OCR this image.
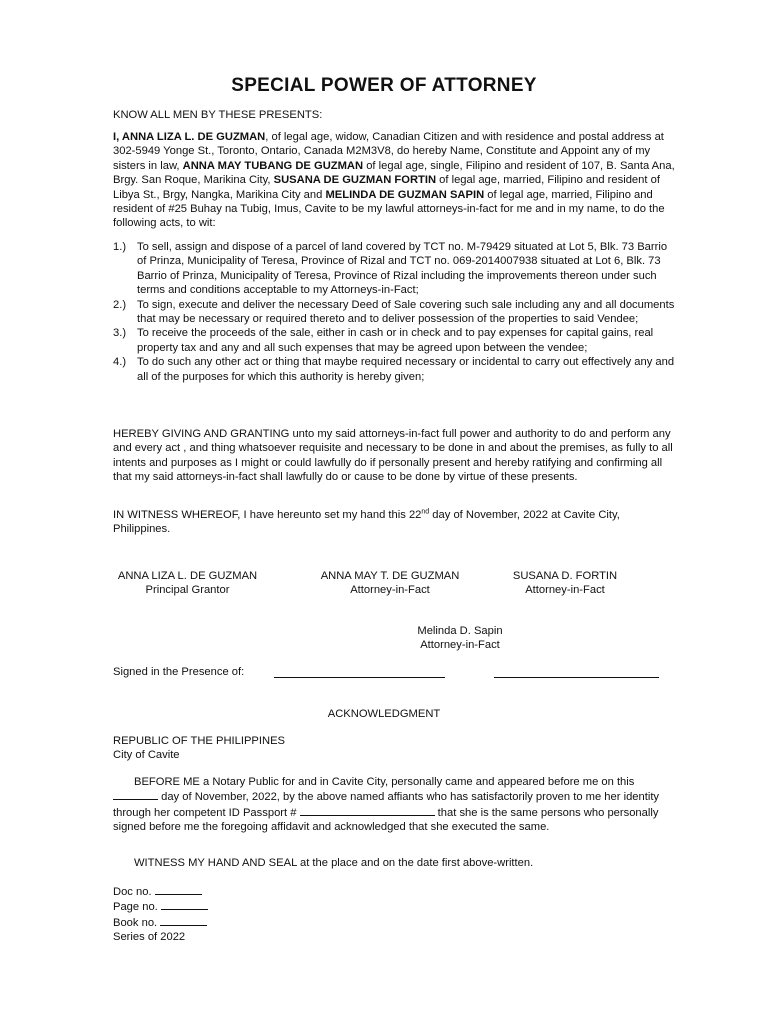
SPECIAL POWER OF ATTORNEY
KNOW ALL MEN BY THESE PRESENTS:
I, ANNA LIZA L. DE GUZMAN, of legal age, widow, Canadian Citizen and with residence and postal address at 302-5949 Yonge St., Toronto, Ontario, Canada M2M3V8, do hereby Name, Constitute and Appoint any of my sisters in law, ANNA MAY TUBANG DE GUZMAN of legal age, single, Filipino and resident of 107, B. Santa Ana, Brgy. San Roque, Marikina City, SUSANA DE GUZMAN FORTIN of legal age, married, Filipino and resident of Libya St., Brgy, Nangka, Marikina City and MELINDA DE GUZMAN SAPIN of legal age, married, Filipino and resident of #25 Buhay na Tubig, Imus, Cavite to be my lawful attorneys-in-fact for me and in my name, to do the following acts, to wit:
1.) To sell, assign and dispose of a parcel of land covered by TCT no. M-79429 situated at Lot 5, Blk. 73 Barrio of Prinza, Municipality of Teresa, Province of Rizal and TCT no. 069-2014007938 situated at Lot 6, Blk. 73 Barrio of Prinza, Municipality of Teresa, Province of Rizal including the improvements thereon under such terms and conditions acceptable to my Attorneys-in-Fact;
2.) To sign, execute and deliver the necessary Deed of Sale covering such sale including any and all documents that may be necessary or required thereto and to deliver possession of the properties to said Vendee;
3.) To receive the proceeds of the sale, either in cash or in check and to pay expenses for capital gains, real property tax and any and all such expenses that may be agreed upon between the vendee;
4.) To do such any other act or thing that maybe required necessary or incidental to carry out effectively any and all of the purposes for which this authority is hereby given;
HEREBY GIVING AND GRANTING unto my said attorneys-in-fact full power and authority to do and perform any and every act , and thing whatsoever requisite and necessary to be done in and about the premises, as fully to all intents and purposes as I might or could lawfully do if personally present and hereby ratifying and confirming all that my said attorneys-in-fact shall lawfully do or cause to be done by virtue of these presents.
IN WITNESS WHEREOF, I have hereunto set my hand this 22nd day of November, 2022 at Cavite City, Philippines.
ANNA LIZA L. DE GUZMAN
Principal Grantor
ANNA MAY T. DE GUZMAN
Attorney-in-Fact
SUSANA D. FORTIN
Attorney-in-Fact
Melinda D. Sapin
Attorney-in-Fact
Signed in the Presence of:
ACKNOWLEDGMENT
REPUBLIC OF THE PHILIPPINES
City of Cavite
BEFORE ME a Notary Public for and in Cavite City, personally came and appeared before me on this  day of November, 2022, by the above named affiants who has satisfactorily proven to me her identity through her competent ID Passport #	that she is the same persons who personally signed before me the foregoing affidavit and acknowledged that she executed the same.
WITNESS MY HAND AND SEAL at the place and on the date first above-written.
Doc no.
Page no.
Book no.
Series of 2022
